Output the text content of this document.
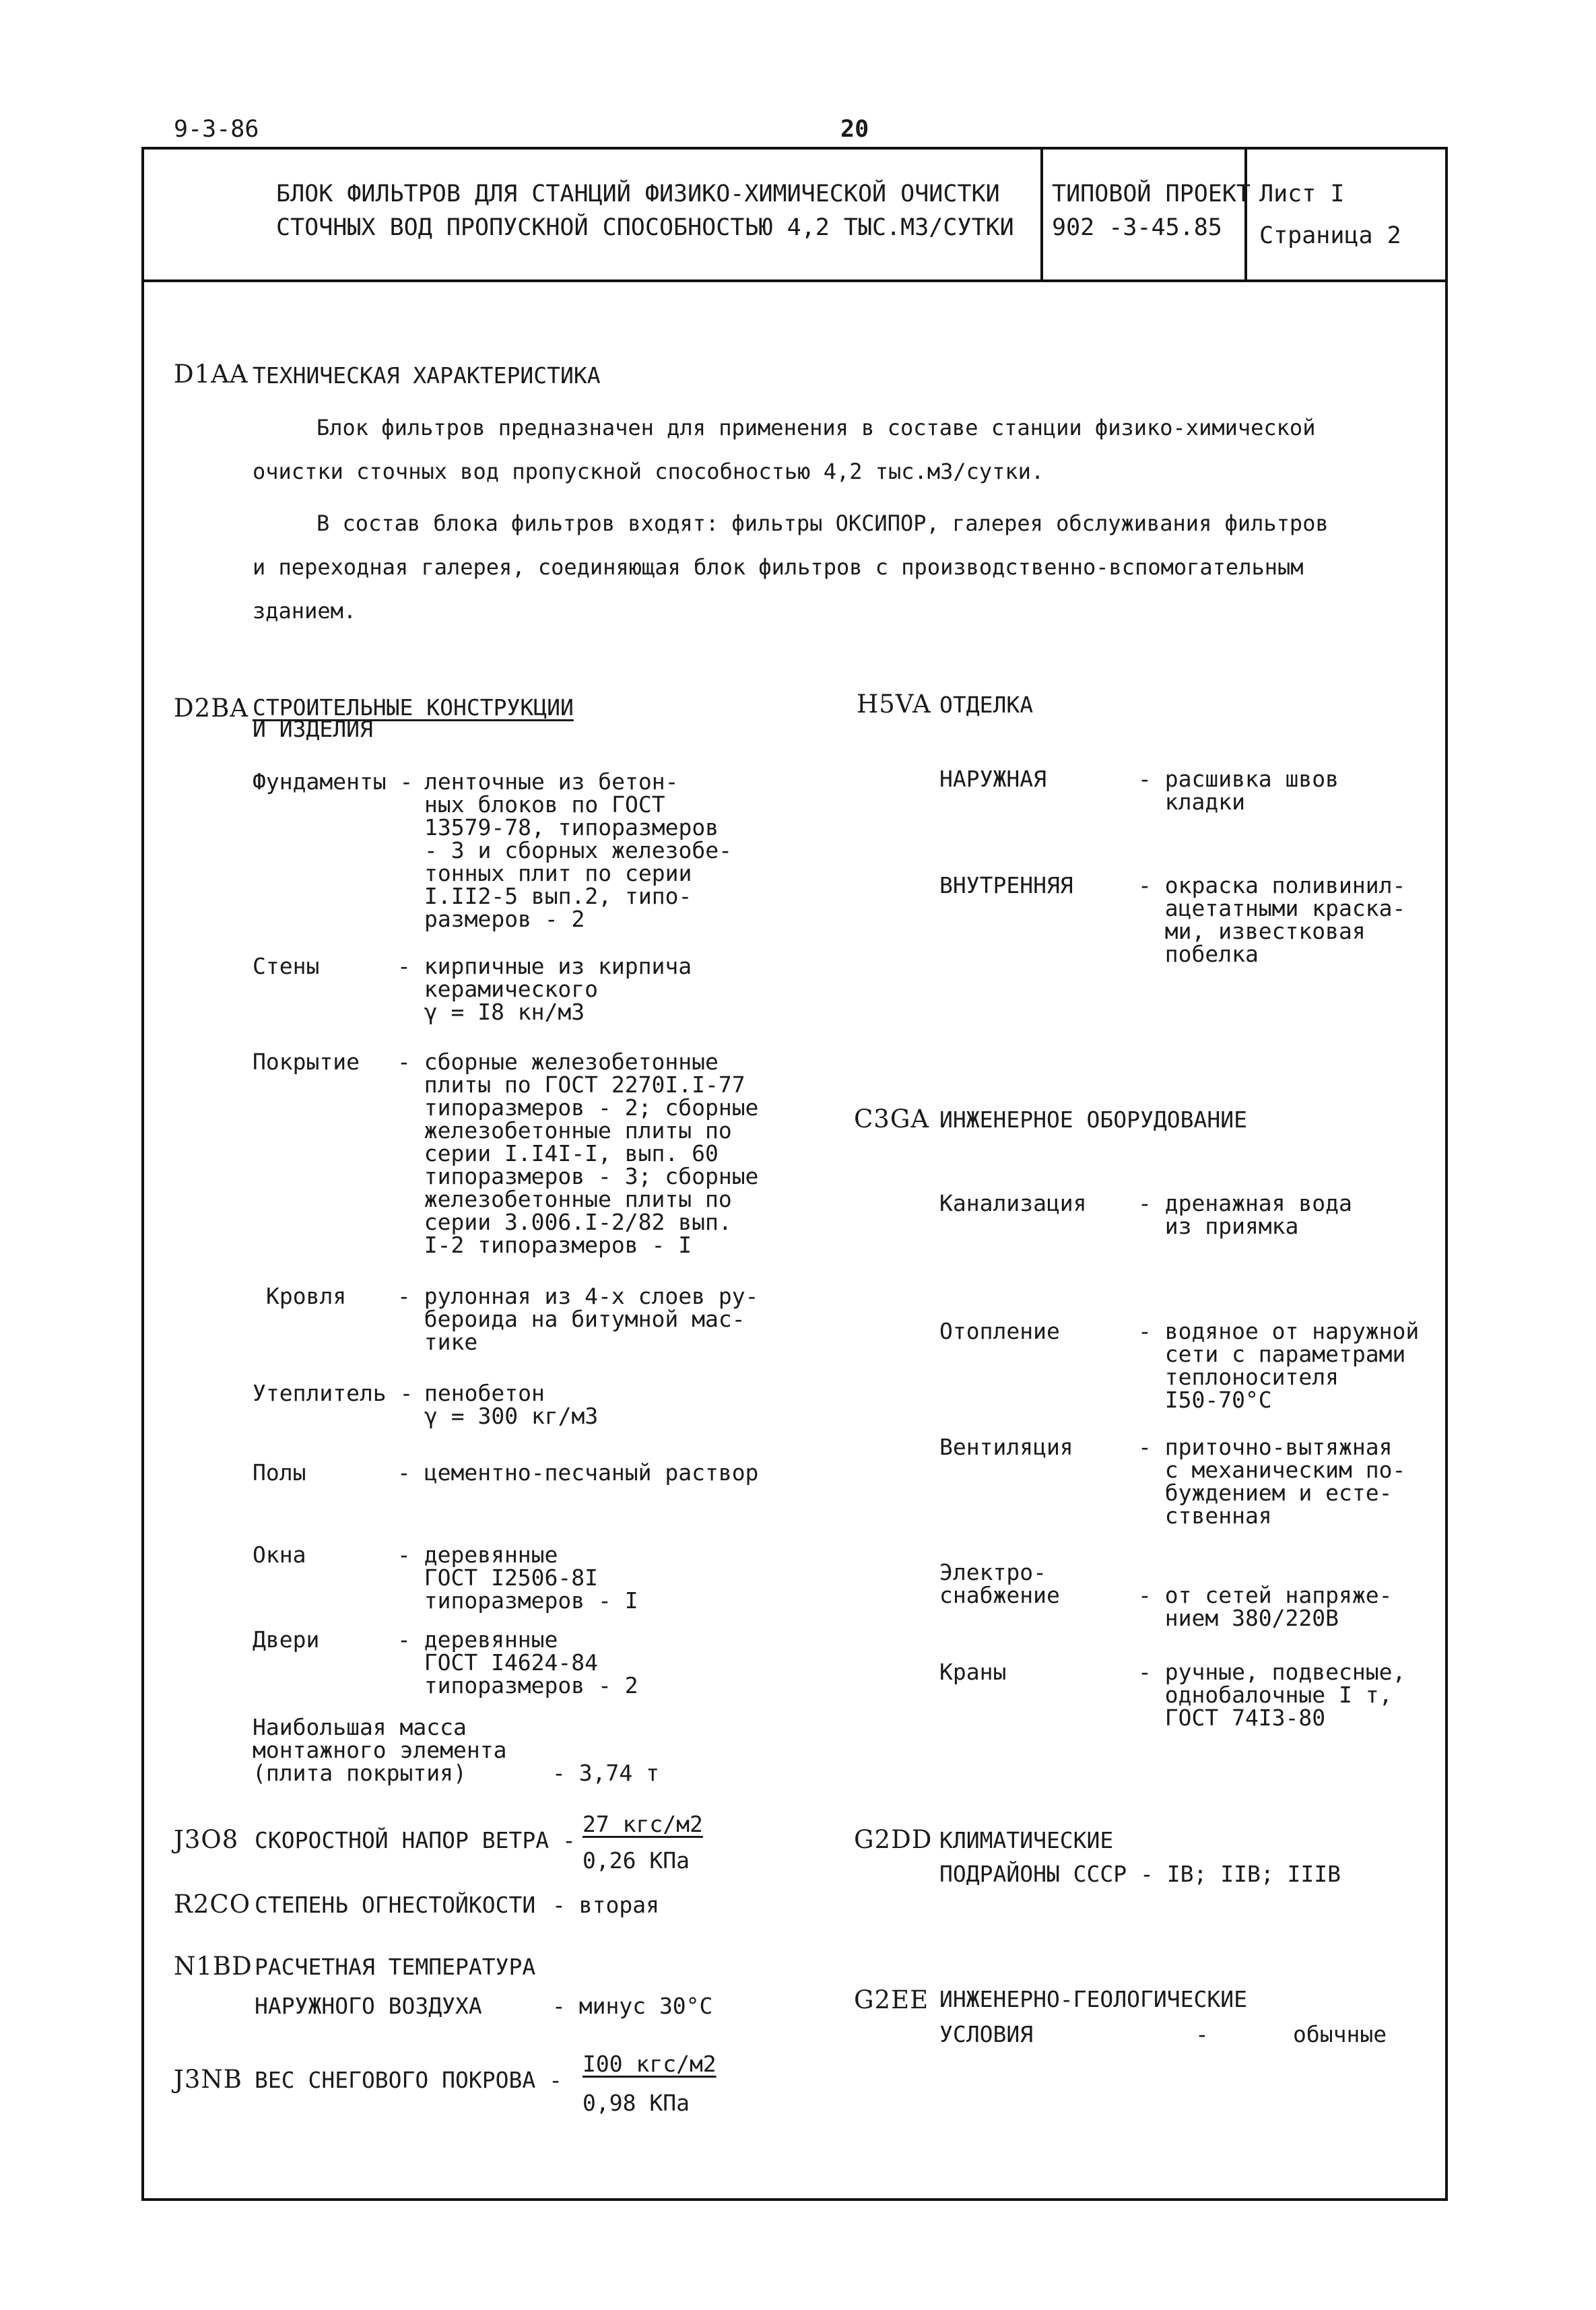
9-3-86	20
БЛОК ФИЛЬТРОВ ДЛЯ СТАНЦИЙ ФИЗИКО-ХИМИЧЕСКОЙ ОЧИСТКИ
СТОЧНЫХ ВОД ПРОПУСКНОЙ СПОСОБНОСТЬЮ 4,2 ТЫС.М3/СУТКИ
ТИПОВОЙ ПРОЕКТ
902 -3-45.85
Лист I
Страница 2
D1AA ТЕХНИЧЕСКАЯ ХАРАКТЕРИСТИКА
Блок фильтров предназначен для применения в составе станции физико-химической
очистки сточных вод пропускной способностью 4,2 тыс.м3/сутки.
В состав блока фильтров входят: фильтры ОКСИПОР, галерея обслуживания фильтров
и переходная галерея, соединяющая блок фильтров с производственно-вспомогательным
зданием.
D2BA СТРОИТЕЛЬНЫЕ КОНСТРУКЦИИ
И ИЗДЕЛИЯ
Фундаменты - ленточные из бетон-
ных блоков по ГОСТ
13579-78, типоразмеров
- 3 и сборных железобе-
тонных плит по серии
I.II2-5 вып.2, типо-
размеров - 2
Стены	- кирпичные из кирпича
керамического
γ = I8 кн/м3
Покрытие - сборные железобетонные
плиты по ГОСТ 2270I.I-77
типоразмеров - 2; сборные
железобетонные плиты по
серии I.I4I-I, вып. 60
типоразмеров - 3; сборные
железобетонные плиты по
серии 3.006.I-2/82 вып.
I-2 типоразмеров - I
Кровля - рулонная из 4-х слоев ру-
бероида на битумной мас-
тике
Утеплитель - пенобетон
γ = 300 кг/м3
Полы	- цементно-песчаный раствор
Окна	- деревянные
ГОСТ I2506-8I
типоразмеров - I
Двери	- деревянные
ГОСТ I4624-84
типоразмеров - 2
Наибольшая масса
монтажного элемента
(плита покрытия)	- 3,74 т
H5VA ОТДЕЛКА
НАРУЖНАЯ	- расшивка швов
кладки
ВНУТРЕННЯЯ	- окраска поливинил-
ацетатными краска-
ми, известковая
побелка
C3GA ИНЖЕНЕРНОЕ ОБОРУДОВАНИЕ
Канализация - дренажная вода
из приямка
Отопление	- водяное от наружной
сети с параметрами
теплоносителя
I50-70°C
Вентиляция	- приточно-вытяжная
с механическим по-
буждением и есте-
ственная
Электро-
снабжение	- от сетей напряже-
нием 380/220В
Краны	- ручные, подвесные,
однобалочные I т,
ГОСТ 74I3-80
J3O8 СКОРОСТНОЙ НАПОР ВЕТРА -
27 кгс/м2
0,26 КПа
R2CO СТЕПЕНЬ ОГНЕСТОЙКОСТИ - вторая
N1BD РАСЧЕТНАЯ ТЕМПЕРАТУРА
НАРУЖНОГО ВОЗДУХА	- минус 30°C
J3NB ВЕС СНЕГОВОГО ПОКРОВА -
I00 кгс/м2
0,98 КПа
G2DD КЛИМАТИЧЕСКИЕ
ПОДРАЙОНЫ СССР - IВ; IIВ; IIIВ
G2EE ИНЖЕНЕРНО-ГЕОЛОГИЧЕСКИЕ
УСЛОВИЯ	-	обычные
